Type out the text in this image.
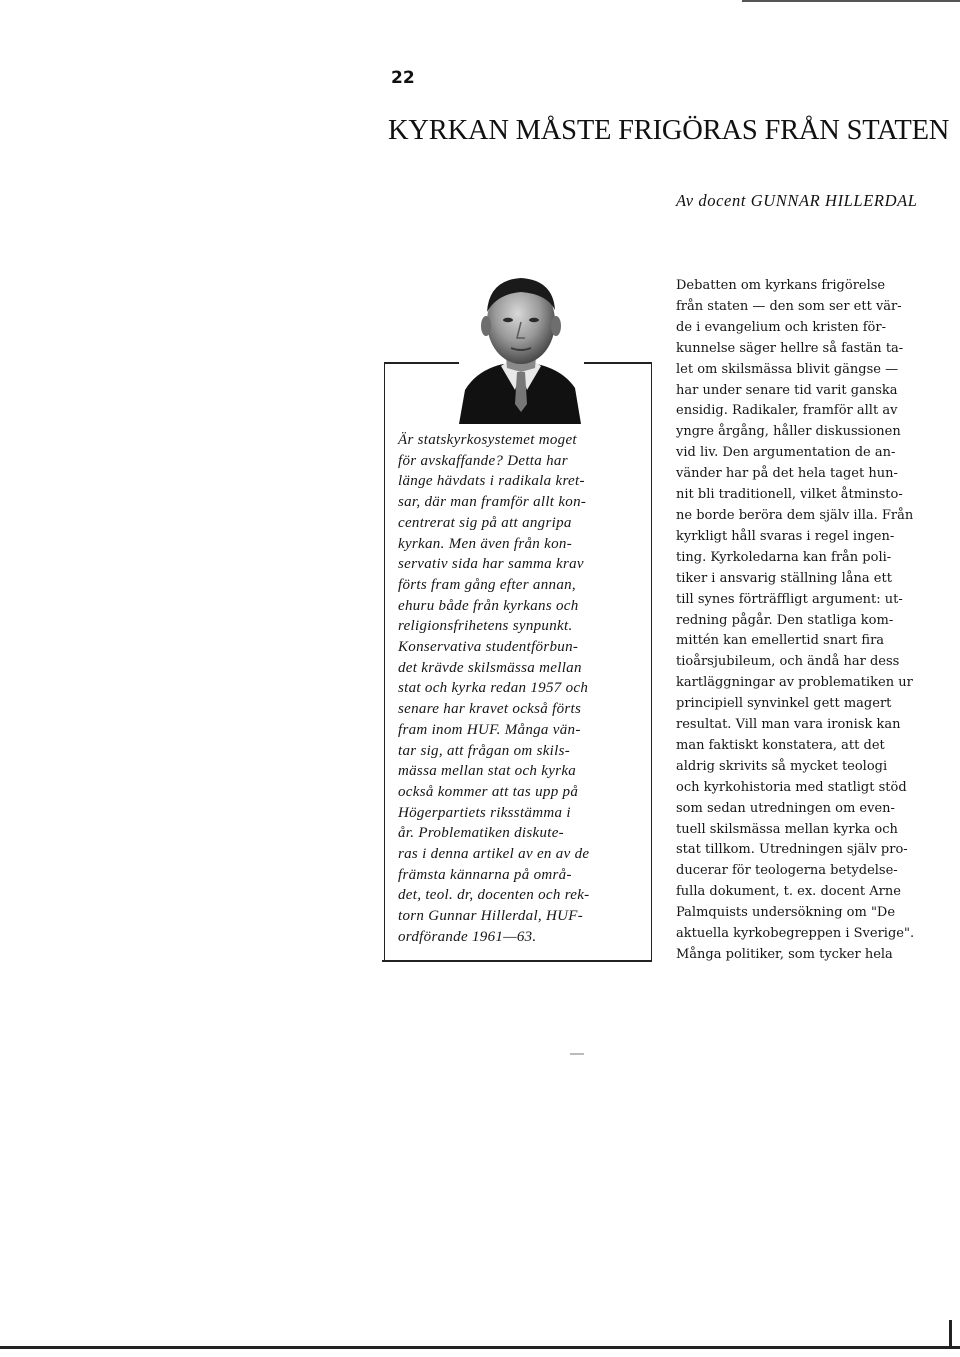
22
KYRKAN MÅSTE FRIGÖRAS FRÅN STATEN
Av docent GUNNAR HILLERDAL

Är statskyrkosystemet moget
för avskaffande? Detta har
länge hävdats i radikala kret-
sar, där man framför allt kon-
centrerat sig på att angripa
kyrkan. Men även från kon-
servativ sida har samma krav
förts fram gång efter annan,
ehuru både från kyrkans och
religionsfrihetens synpunkt.
Konservativa studentförbun-
det krävde skilsmässa mellan
stat och kyrka redan 1957 och
senare har kravet också förts
fram inom HUF. Många vän-
tar sig, att frågan om skils-
mässa mellan stat och kyrka
också kommer att tas upp på
Högerpartiets riksstämma i
år. Problematiken diskute-
ras i denna artikel av en av de
främsta kännarna på områ-
det, teol. dr, docenten och rek-
torn Gunnar Hillerdal, HUF-
ordförande 1961—63.

Debatten om kyrkans frigörelse
från staten — den som ser ett vär-
de i evangelium och kristen för-
kunnelse säger hellre så fastän ta-
let om skilsmässa blivit gängse —
har under senare tid varit ganska
ensidig. Radikaler, framför allt av
yngre årgång, håller diskussionen
vid liv. Den argumentation de an-
vänder har på det hela taget hun-
nit bli traditionell, vilket åtminsto-
ne borde beröra dem själv illa. Från
kyrkligt håll svaras i regel ingen-
ting. Kyrkoledarna kan från poli-
tiker i ansvarig ställning låna ett
till synes förträffligt argument: ut-
redning pågår. Den statliga kom-
mittén kan emellertid snart fira
tioårsjubileum, och ändå har dess
kartläggningar av problematiken ur
principiell synvinkel gett magert
resultat. Vill man vara ironisk kan
man faktiskt konstatera, att det
aldrig skrivits så mycket teologi
och kyrkohistoria med statligt stöd
som sedan utredningen om even-
tuell skilsmässa mellan kyrka och
stat tillkom. Utredningen själv pro-
ducerar för teologerna betydelse-
fulla dokument, t. ex. docent Arne
Palmquists undersökning om "De
aktuella kyrkobegreppen i Sverige".
Många politiker, som tycker hela
